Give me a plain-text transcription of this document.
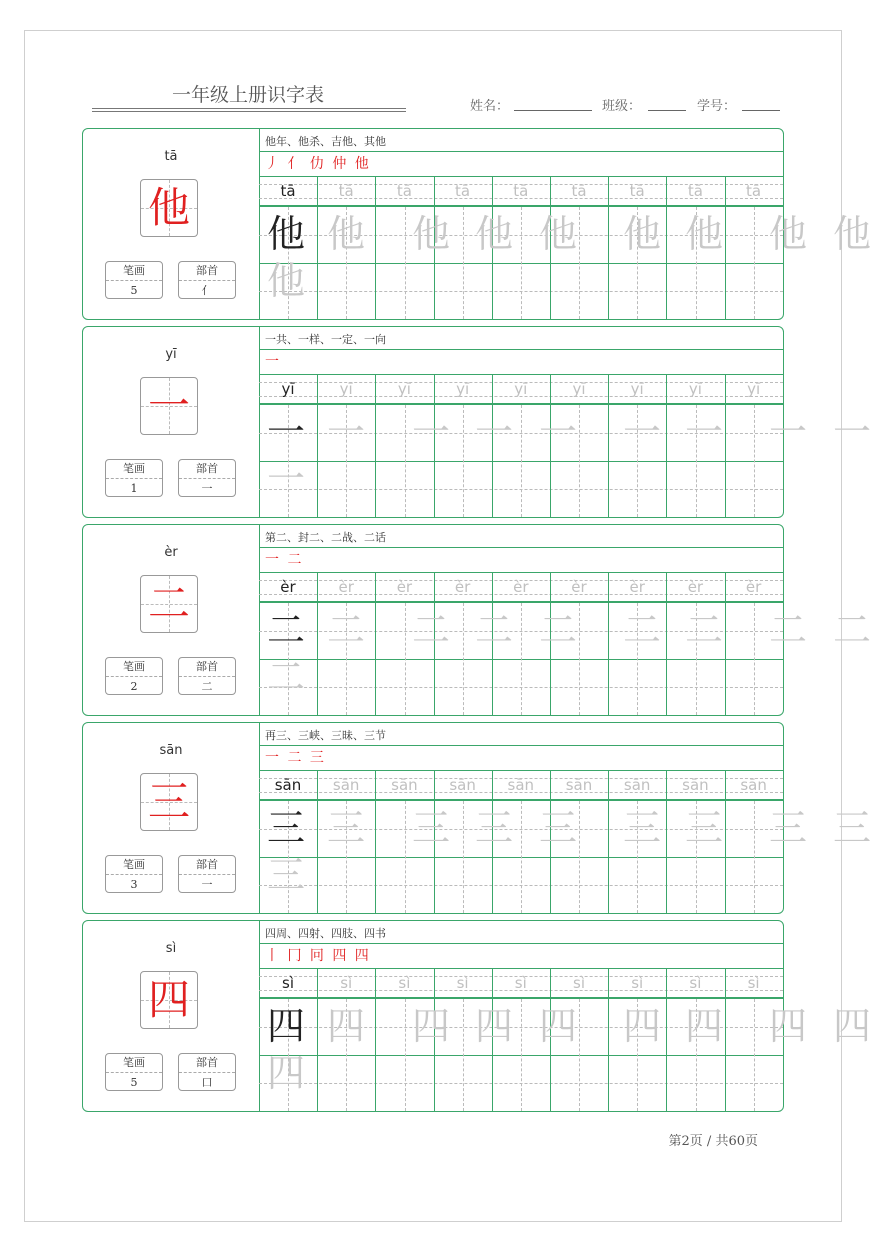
一年级上册识字表
姓名：	班级：	学号：
tā
他
笔画
5
部首
亻
他年、他杀、吉他、其他
丿 亻 仂 仲 他
tā	tā	tā	tā	tā	tā	tā	tā	tā
他 他 他 他 他 他 他 他 他
他
yī
一
笔画
1
部首
一
一共、一样、一定、一向
一
yī	yī	yī	yī	yī	yī	yī	yī	yī
一 一 一 一 一 一 一 一 一
一
èr
二
笔画
2
部首
二
第二、封二、二战、二话
一 二
èr	èr	èr	èr	èr	èr	èr	èr	èr
二 二 二 二 二 二 二 二 二
二
sān
三
笔画
3
部首
一
再三、三峡、三昧、三节
一 二 三
sān	sān	sān	sān	sān	sān	sān	sān	sān
三 三 三 三 三 三 三 三 三
三
sì
四
笔画
5
部首
口
四周、四射、四肢、四书
丨 冂 冋 四 四
sì	sì	sì	sì	sì	sì	sì	sì	sì
四 四 四 四 四 四 四 四 四
四
第2页 / 共60页
